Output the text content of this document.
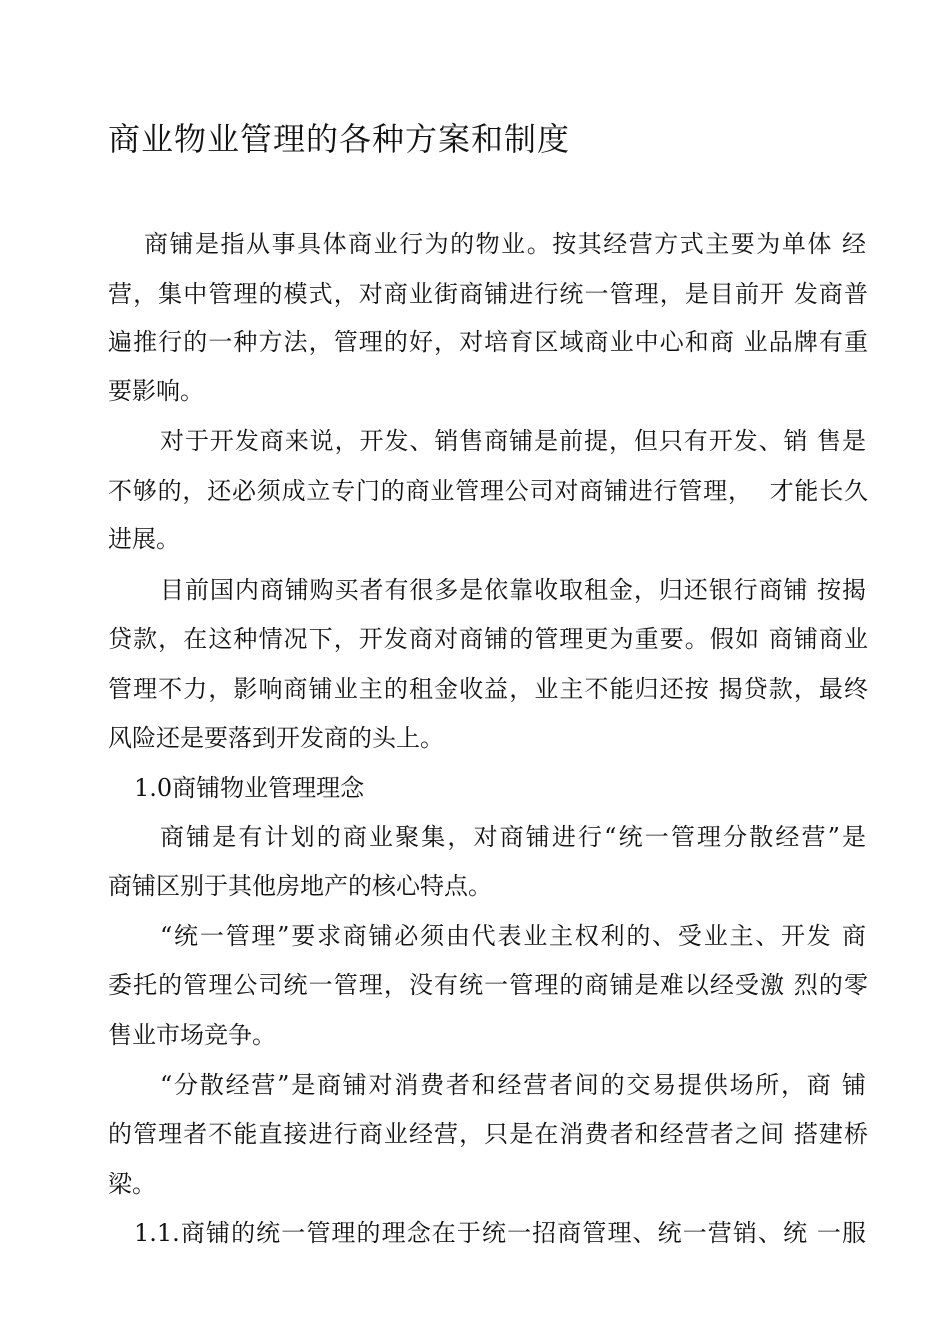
商业物业管理的各种方案和制度
商铺是指从事具体商业行为的物业。按其经营方式主要为单体 经
营，集中管理的模式，对商业街商铺进行统一管理，是目前开 发商普
遍推行的一种方法，管理的好，对培育区域商业中心和商 业品牌有重
要影响。
对于开发商来说，开发、销售商铺是前提，但只有开发、销 售是
不够的，还必须成立专门的商业管理公司对商铺进行管理，  才能长久
进展。
目前国内商铺购买者有很多是依靠收取租金，归还银行商铺 按揭
贷款，在这种情况下，开发商对商铺的管理更为重要。假如 商铺商业
管理不力，影响商铺业主的租金收益，业主不能归还按 揭贷款，最终
风险还是要落到开发商的头上。
1.0商铺物业管理理念
商铺是有计划的商业聚集，对商铺进行“统一管理分散经营”是
商铺区别于其他房地产的核心特点。
“统一管理”要求商铺必须由代表业主权利的、受业主、开发 商
委托的管理公司统一管理，没有统一管理的商铺是难以经受激 烈的零
售业市场竞争。
“分散经营”是商铺对消费者和经营者间的交易提供场所，商 铺
的管理者不能直接进行商业经营，只是在消费者和经营者之间 搭建桥
梁。
1.1.商铺的统一管理的理念在于统一招商管理、统一营销、统 一服
